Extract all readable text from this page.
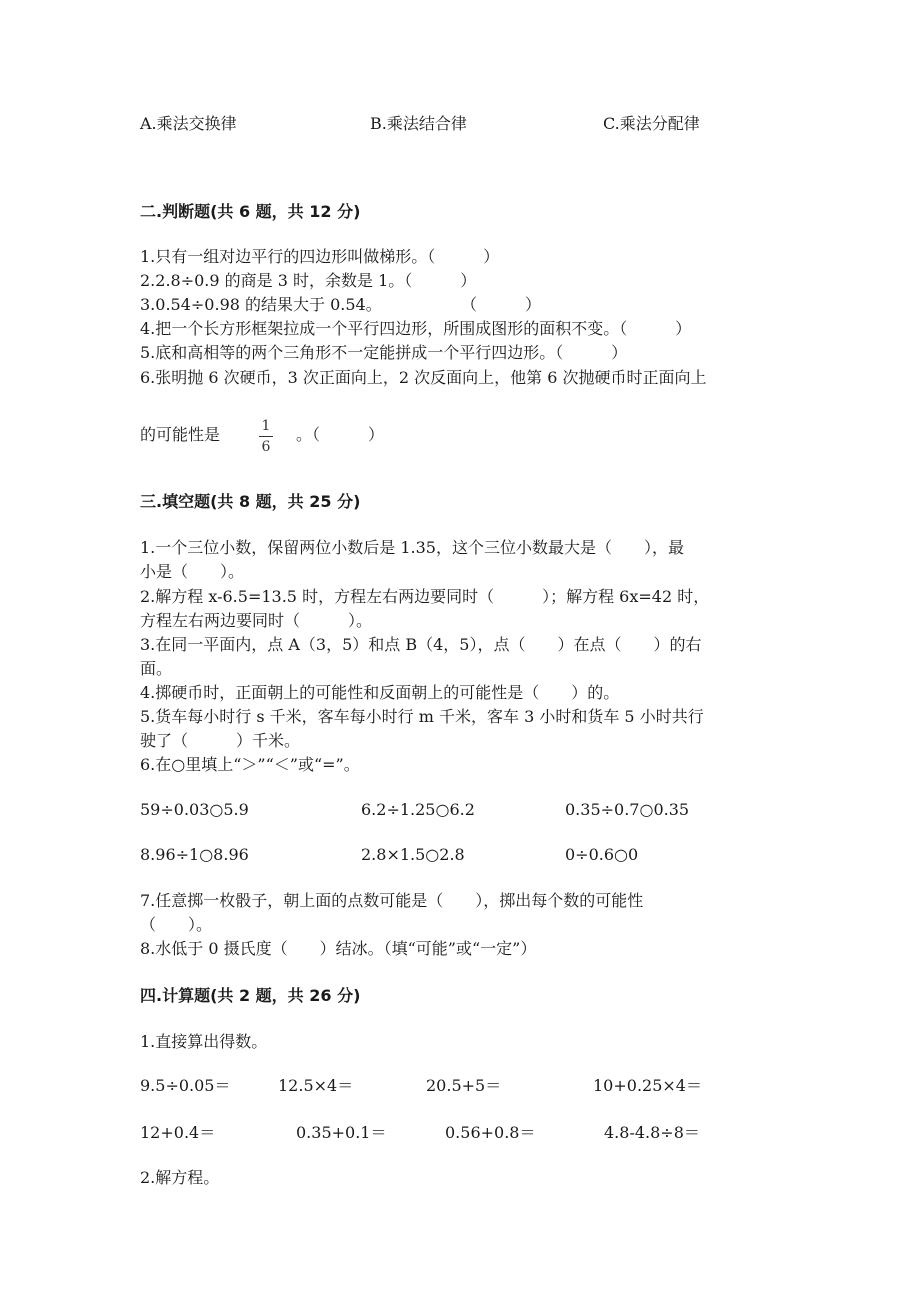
A.乘法交换律	B.乘法结合律	C.乘法分配律
二.判断题(共 6 题，共 12 分)
1.只有一组对边平行的四边形叫做梯形。（　　　）
2.2.8÷0.9 的商是 3 时，余数是 1。（　　　）
3.0.54÷0.98 的结果大于 0.54。	（　　　）
4.把一个长方形框架拉成一个平行四边形，所围成图形的面积不变。（　　　）
5.底和高相等的两个三角形不一定能拼成一个平行四边形。（　　　）
6.张明抛 6 次硬币，3 次正面向上，2 次反面向上，他第 6 次抛硬币时正面向上
的可能性是	1
6
。（　　　）
三.填空题(共 8 题，共 25 分)
1.一个三位小数，保留两位小数后是 1.35，这个三位小数最大是（　　），最
小是（　　）。
2.解方程 x-6.5=13.5 时，方程左右两边要同时（　　　）；解方程 6x=42 时，
方程左右两边要同时（　　　）。
3.在同一平面内，点 A（3，5）和点 B（4，5），点（　　）在点（　　）的右
面。
4.掷硬币时，正面朝上的可能性和反面朝上的可能性是（　　）的。
5.货车每小时行 s 千米，客车每小时行 m 千米，客车 3 小时和货车 5 小时共行
驶了（　　　）千米。
6.在○里填上“＞”“＜”或“=”。
59÷0.03○5.9	6.2÷1.25○6.2	0.35÷0.7○0.35
8.96÷1○8.96	2.8×1.5○2.8	0÷0.6○0
7.任意掷一枚骰子，朝上面的点数可能是（　　），掷出每个数的可能性
（　　）。
8.水低于 0 摄氏度（　　）结冰。（填“可能”或“一定”）
四.计算题(共 2 题，共 26 分)
1.直接算出得数。
9.5÷0.05＝	12.5×4＝	20.5+5＝	10+0.25×4＝
12+0.4＝	0.35+0.1＝	0.56+0.8＝	4.8-4.8÷8＝
2.解方程。
